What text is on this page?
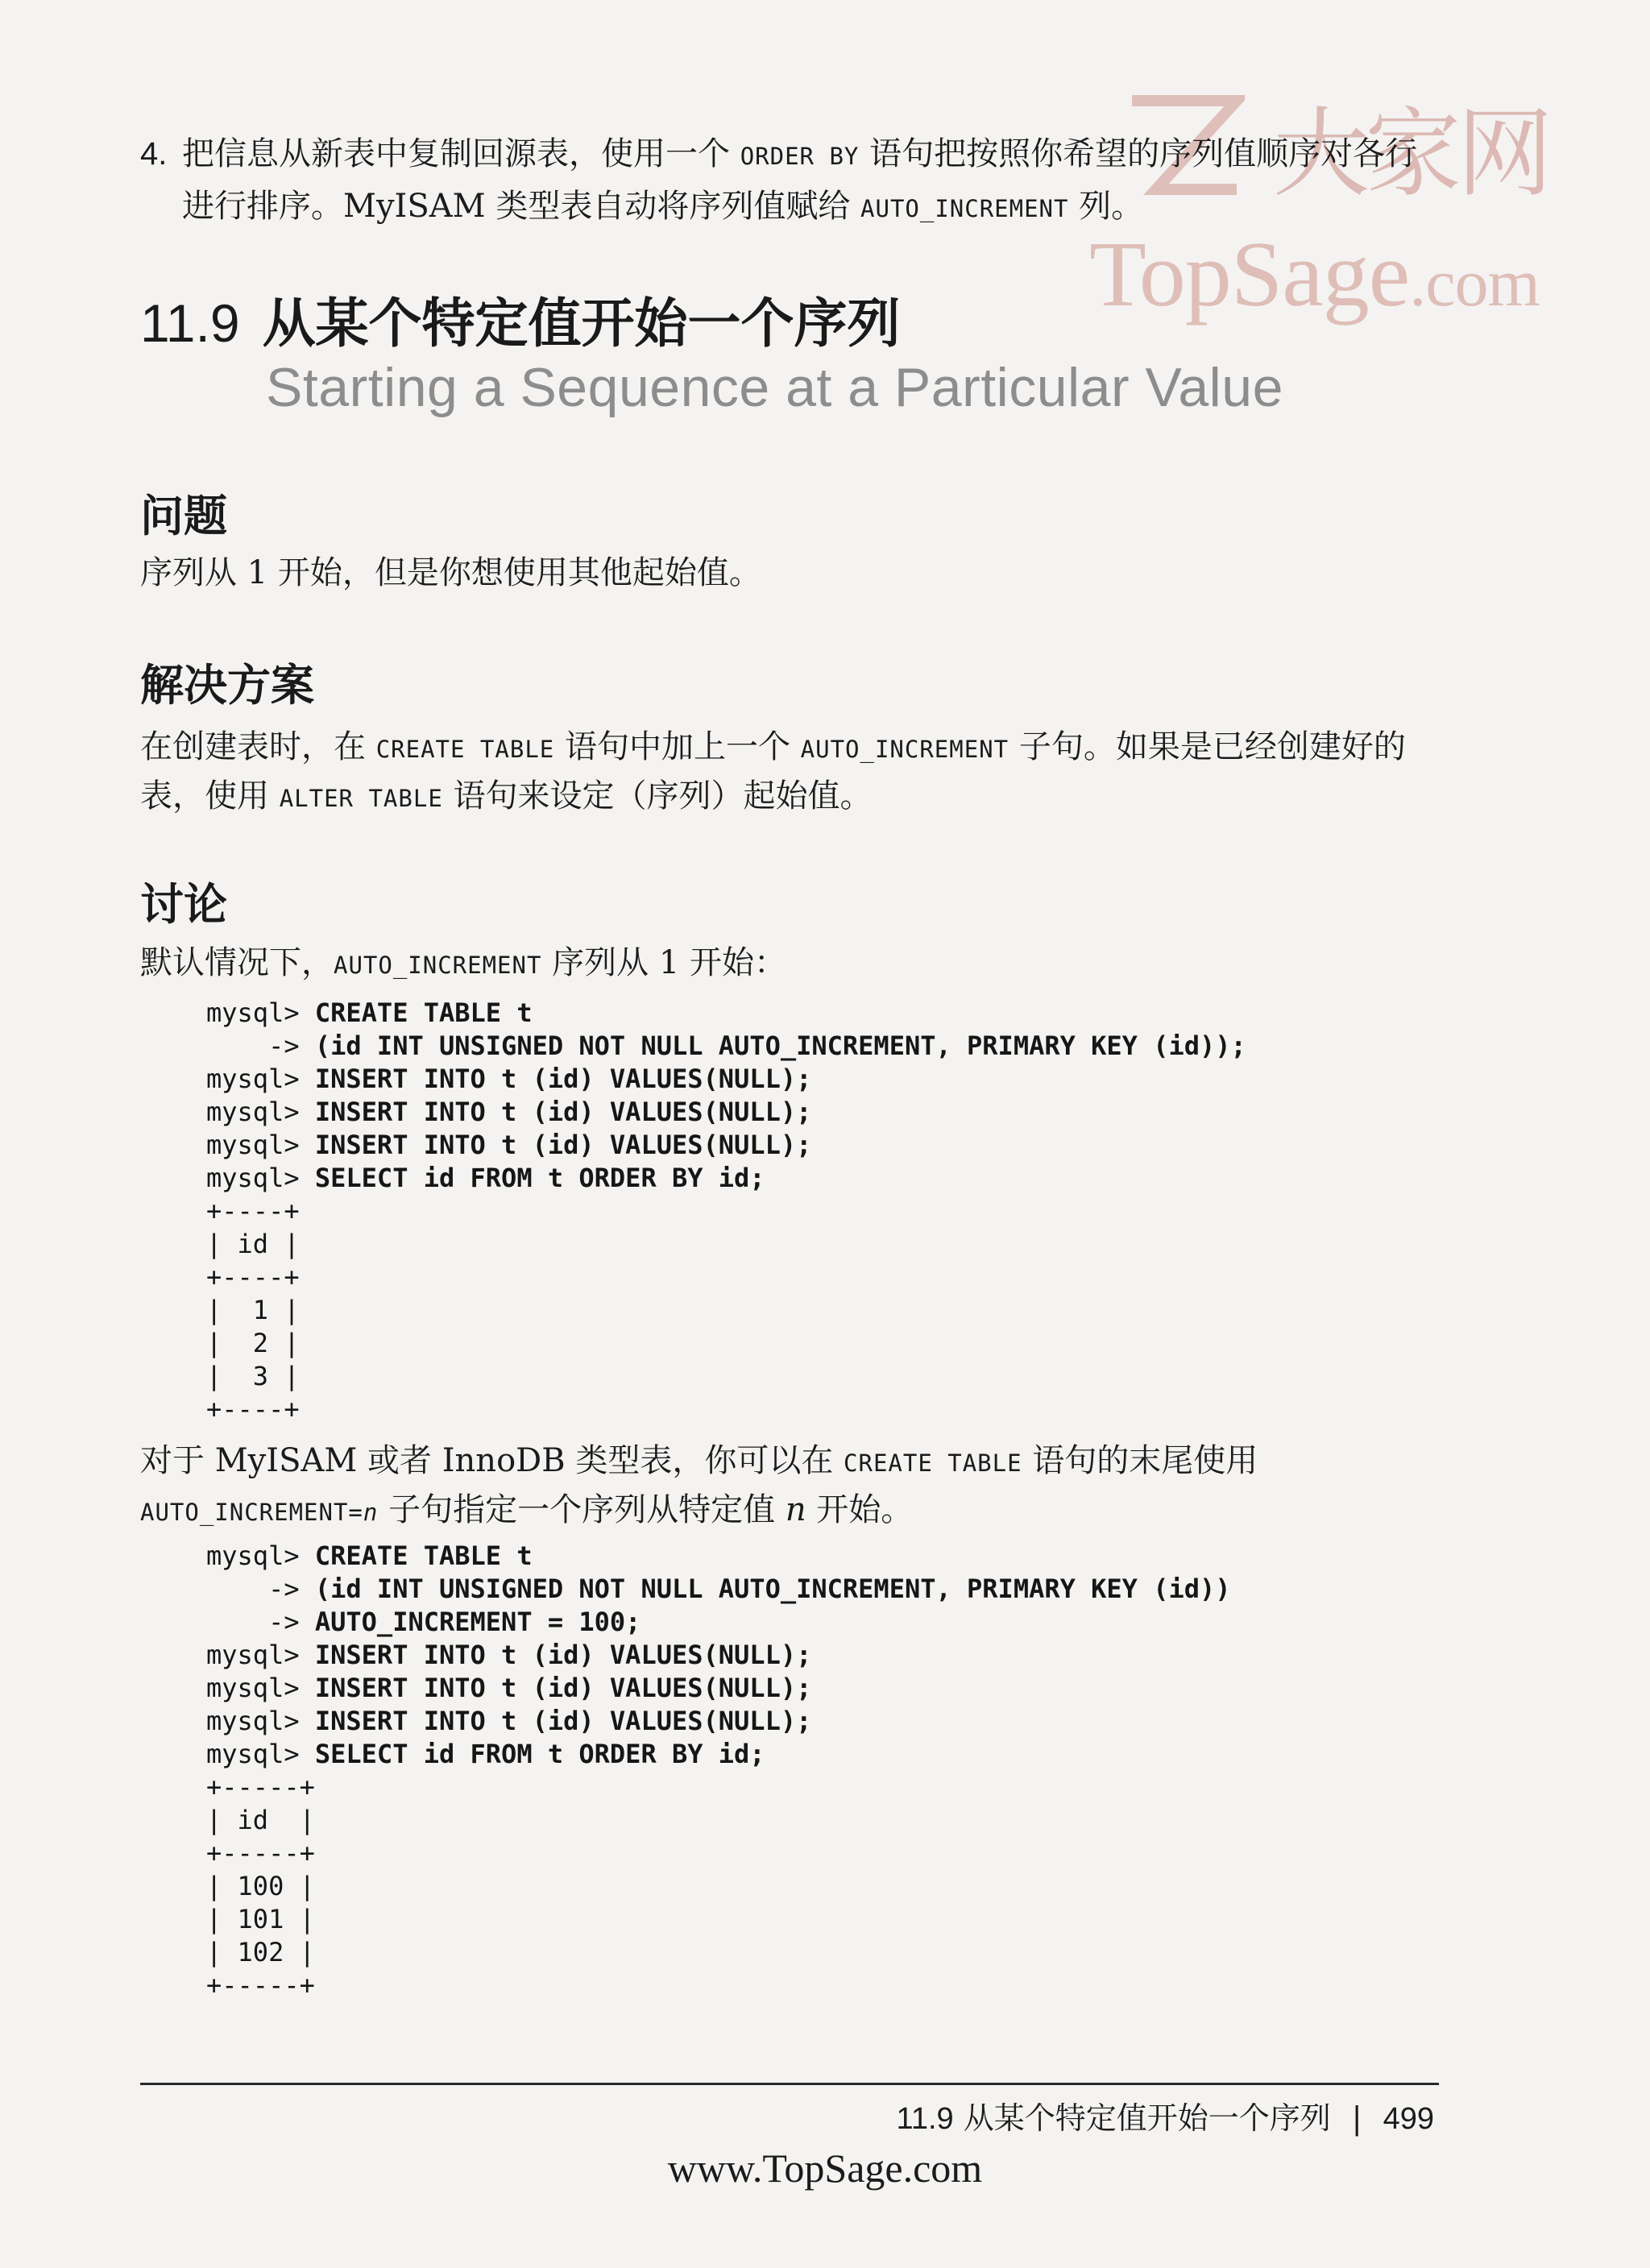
大家网
TopSage.com
4. 把信息从新表中复制回源表，使用一个 ORDER BY 语句把按照你希望的序列值顺序对各行进行排序。MyISAM 类型表自动将序列值赋给 AUTO_INCREMENT 列。
11.9 从某个特定值开始一个序列
Starting a Sequence at a Particular Value
问题
序列从 1 开始，但是你想使用其他起始值。
解决方案
在创建表时，在 CREATE TABLE 语句中加上一个 AUTO_INCREMENT 子句。如果是已经创建好的表，使用 ALTER TABLE 语句来设定（序列）起始值。
讨论
默认情况下，AUTO_INCREMENT 序列从 1 开始：
mysql> CREATE TABLE t
-> (id INT UNSIGNED NOT NULL AUTO_INCREMENT, PRIMARY KEY (id));
mysql> INSERT INTO t (id) VALUES(NULL);
mysql> INSERT INTO t (id) VALUES(NULL);
mysql> INSERT INTO t (id) VALUES(NULL);
mysql> SELECT id FROM t ORDER BY id;
+----+
| id |
+----+
|  1 |
|  2 |
|  3 |
+----+
对于 MyISAM 或者 InnoDB 类型表，你可以在 CREATE TABLE 语句的末尾使用 AUTO_INCREMENT=n 子句指定一个序列从特定值 n 开始。
mysql> CREATE TABLE t
-> (id INT UNSIGNED NOT NULL AUTO_INCREMENT, PRIMARY KEY (id))
-> AUTO_INCREMENT = 100;
mysql> INSERT INTO t (id) VALUES(NULL);
mysql> INSERT INTO t (id) VALUES(NULL);
mysql> INSERT INTO t (id) VALUES(NULL);
mysql> SELECT id FROM t ORDER BY id;
+-----+
| id  |
+-----+
| 100 |
| 101 |
| 102 |
+-----+
11.9 从某个特定值开始一个序列 | 499
www.TopSage.com
